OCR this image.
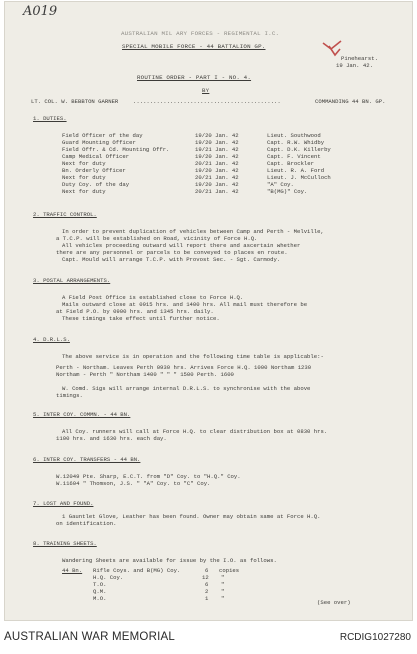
A019
AUSTRALIAN MIL ARY FORCES - REGIMENTAL I.C.
SPECIAL MOBILE FORCE - 44 BATTALION GP.
Pinehearst.
19 Jan. 42.
ROUTINE ORDER - PART I - NO. 4.
BY
LT. COL. W. BEBBTON GARNER	............................................	COMMANDING 44 BN. GP.
1. DUTIES.
Field Officer of the day	19/20 Jan. 42	Lieut. Southwood
Guard Mounting Officer	19/20 Jan. 42	Capt. R.W. Whidby
Field Offr. & Cd. Mounting Offr.	19/21 Jan. 42	Capt. D.K. Killerby
Camp Medical Officer	19/20 Jan. 42	Capt. F. Vincent
Next for duty	20/21 Jan. 42	Capt. Brockler
Bn. Orderly Officer	19/20 Jan. 42	Lieut. R. A. Ford
Next for duty	20/21 Jan. 42	Lieut. J. McCulloch
Duty Coy. of the day	19/20 Jan. 42	"A" Coy.
Next for duty	20/21 Jan. 42	"B(MG)" Coy.
2. TRAFFIC CONTROL.
In order to prevent duplication of vehicles between Camp and Perth - Melville,
a T.C.P. will be established on Road, vicinity of Force H.Q.
All vehicles proceeding outward will report there and ascertain whether
there are any personnel or parcels to be conveyed to places en route.
Capt. Mould will arrange T.C.P. with Provost Sec. - Sgt. Carmody.
3. POSTAL ARRANGEMENTS.
A Field Post Office is established close to Force H.Q.
Mails outward close at 0915 hrs. and 1400 hrs. All mail must therefore be
at Field P.O. by 0900 hrs. and 1345 hrs. daily.
These timings take effect until further notice.
4. D.R.L.S.
The above service is in operation and the following time table is applicable:-
Perth - Northam. Leaves Perth 0930 hrs. Arrives Force H.Q. 1000 Northam 1230
Northam - Perth " Northam 1400 " " " 1500 Perth. 1600
W. Comd. Sigs will arrange internal D.R.L.S. to synchronise with the above
timings.
5. INTER COY. COMMN. - 44 BN.
All Coy. runners will call at Force H.Q. to clear distribution box at 0830 hrs.
1100 hrs. and 1630 hrs. each day.
6. INTER COY. TRANSFERS - 44 BN.
W.12049 Pte. Sharp, E.C.T. from "D" Coy. to "H.Q." Coy.
W.11604 " Thomson, J.S. " "A" Coy. to "C" Coy.
7. LOST AND FOUND.
1 Gauntlet Glove, Leather has been found. Owner may obtain same at Force H.Q.
on identification.
8. TRAINING SHEETS.
Wandering Sheets are available for issue by the I.O. as follows.
44 Bn. Rifle Coys. and B(MG) Coy.	6 copies
H.Q. Coy.	12 "
T.O.	6 "
Q.M.	2 "
M.O.	1 "
(See over)
AUSTRALIAN WAR MEMORIAL	RCDIG1027280
